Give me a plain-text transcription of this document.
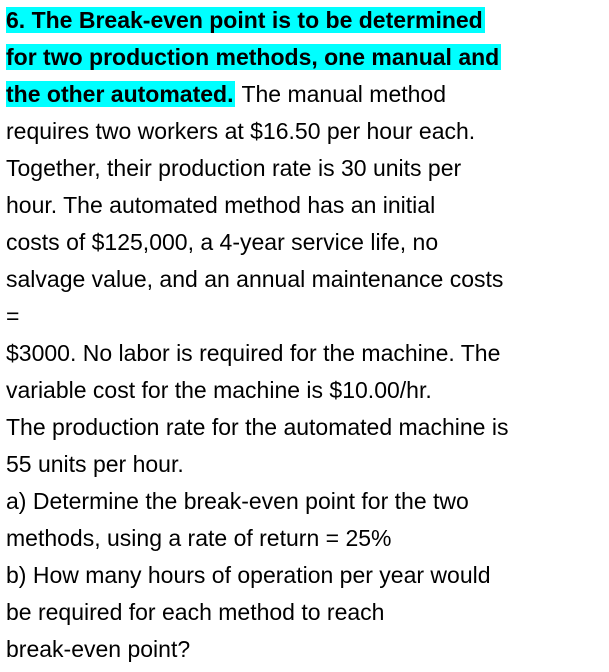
6. The Break-even point is to be determined
for two production methods, one manual and
the other automated. The manual method
requires two workers at $16.50 per hour each.
Together, their production rate is 30 units per
hour. The automated method has an initial
costs of $125,000, a 4-year service life, no
salvage value, and an annual maintenance costs
=
$3000. No labor is required for the machine. The
variable cost for the machine is $10.00/hr.
The production rate for the automated machine is
55 units per hour.
a) Determine the break-even point for the two
methods, using a rate of return = 25%
b) How many hours of operation per year would
be required for each method to reach
break-even point?
